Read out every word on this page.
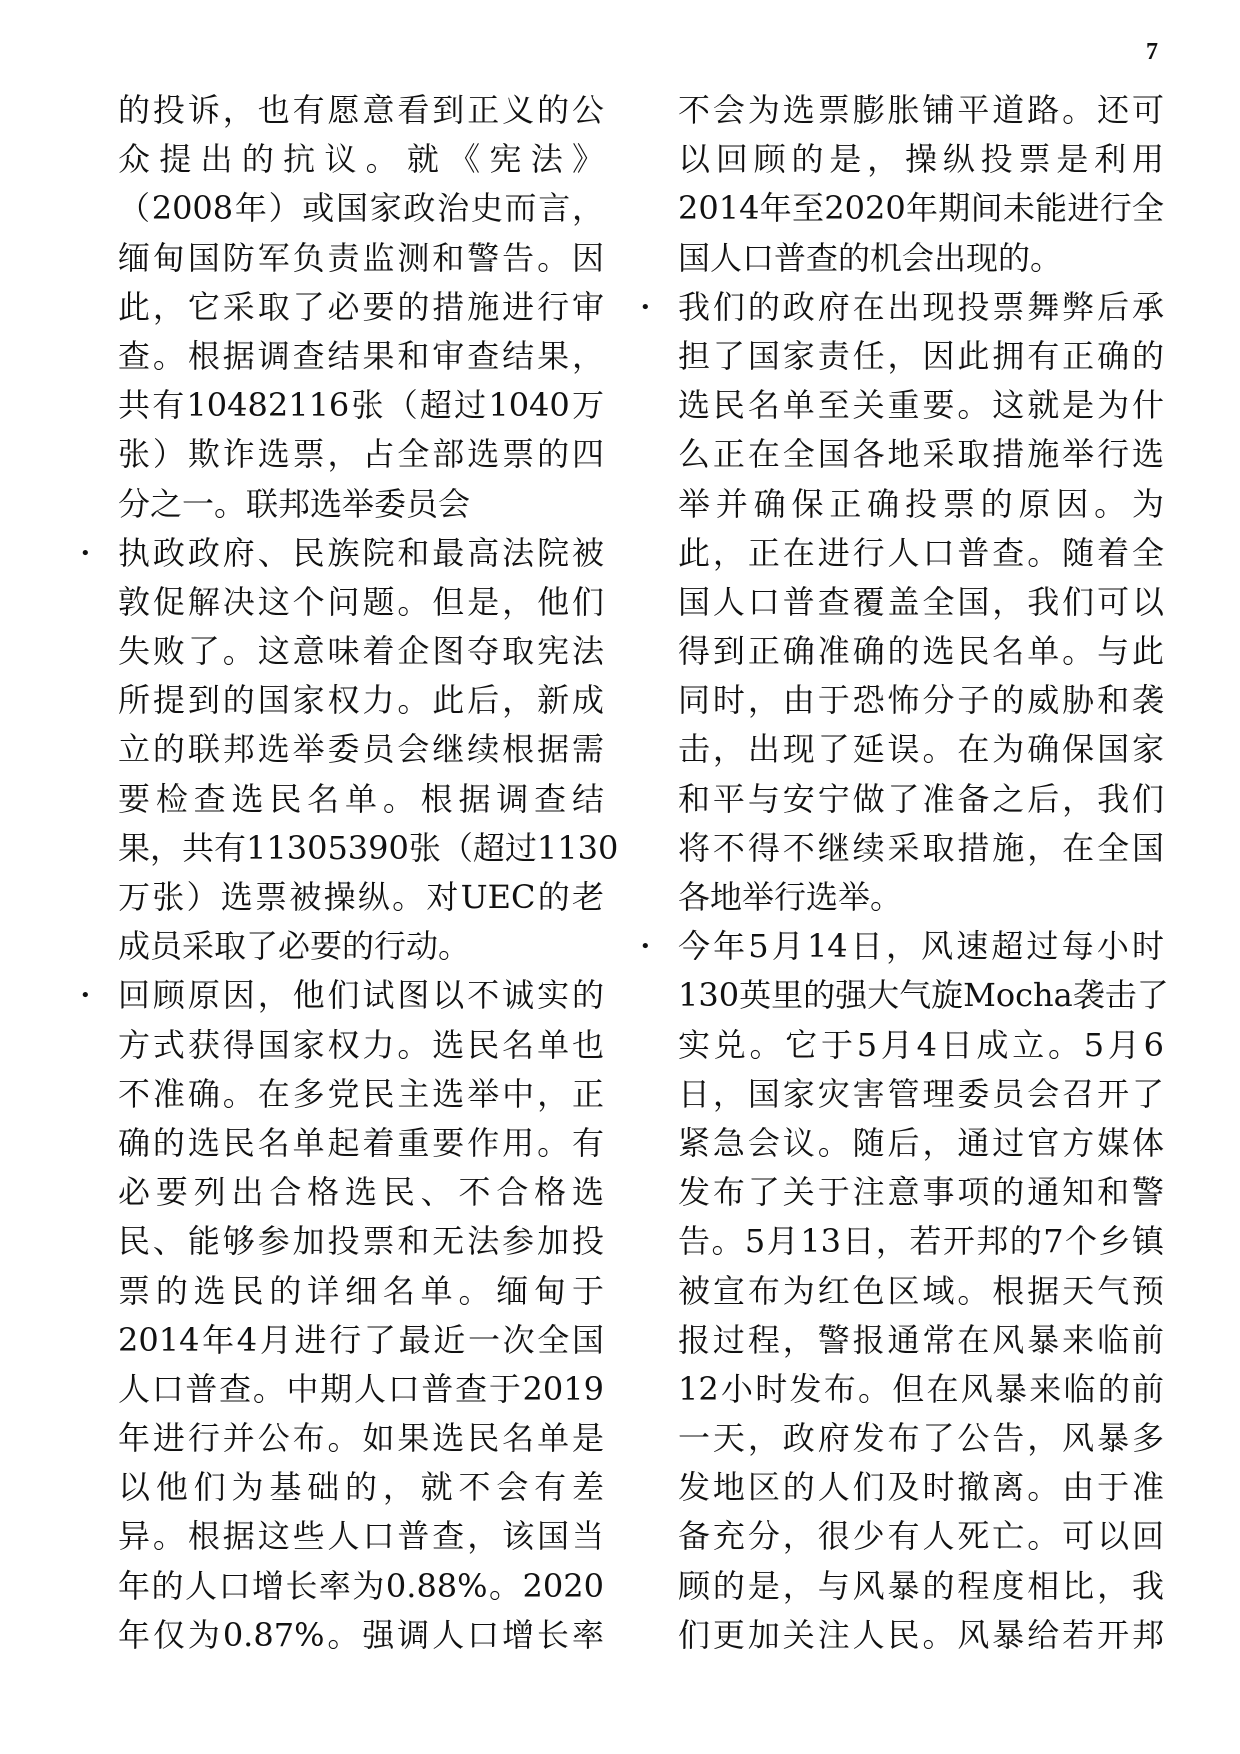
7
的投诉，也有愿意看到正义的公
众提出的抗议。就《宪法》
（2008年）或国家政治史而言，
缅甸国防军负责监测和警告。因
此，它采取了必要的措施进行审
查。根据调查结果和审查结果，
共有10482116张（超过1040万
张）欺诈选票，占全部选票的四
分之一。联邦选举委员会
• 执政政府、民族院和最高法院被
敦促解决这个问题。但是，他们
失败了。这意味着企图夺取宪法
所提到的国家权力。此后，新成
立的联邦选举委员会继续根据需
要检查选民名单。根据调查结
果，共有11305390张（超过1130
万张）选票被操纵。对UEC的老
成员采取了必要的行动。
• 回顾原因，他们试图以不诚实的
方式获得国家权力。选民名单也
不准确。在多党民主选举中，正
确的选民名单起着重要作用。有
必要列出合格选民、不合格选
民、能够参加投票和无法参加投
票的选民的详细名单。缅甸于
2014年4月进行了最近一次全国
人口普查。中期人口普查于2019
年进行并公布。如果选民名单是
以他们为基础的，就不会有差
异。根据这些人口普查，该国当
年的人口增长率为0.88%。2020
年仅为0.87%。强调人口增长率
不会为选票膨胀铺平道路。还可
以回顾的是，操纵投票是利用
2014年至2020年期间未能进行全
国人口普查的机会出现的。
• 我们的政府在出现投票舞弊后承
担了国家责任，因此拥有正确的
选民名单至关重要。这就是为什
么正在全国各地采取措施举行选
举并确保正确投票的原因。为
此，正在进行人口普查。随着全
国人口普查覆盖全国，我们可以
得到正确准确的选民名单。与此
同时，由于恐怖分子的威胁和袭
击，出现了延误。在为确保国家
和平与安宁做了准备之后，我们
将不得不继续采取措施，在全国
各地举行选举。
• 今年5月14日，风速超过每小时
130英里的强大气旋Mocha袭击了
实兑。它于5月4日成立。5月6
日，国家灾害管理委员会召开了
紧急会议。随后，通过官方媒体
发布了关于注意事项的通知和警
告。5月13日，若开邦的7个乡镇
被宣布为红色区域。根据天气预
报过程，警报通常在风暴来临前
12小时发布。但在风暴来临的前
一天，政府发布了公告，风暴多
发地区的人们及时撤离。由于准
备充分，很少有人死亡。可以回
顾的是，与风暴的程度相比，我
们更加关注人民。风暴给若开邦
